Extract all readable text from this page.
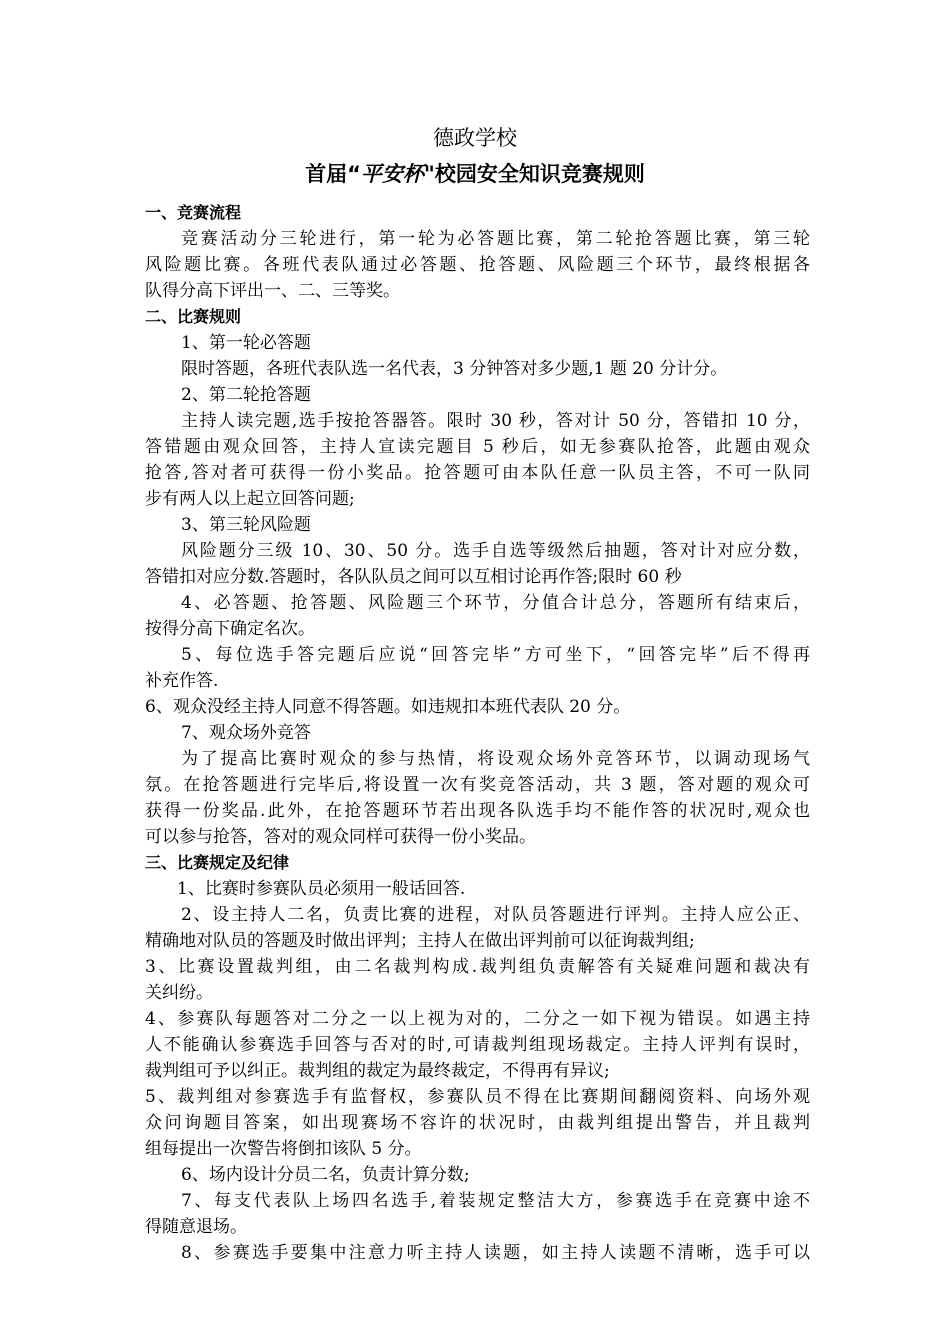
德政学校
首届“平安杯"校园安全知识竞赛规则
一、竞赛流程
竞赛活动分三轮进行，第一轮为必答题比赛，第二轮抢答题比赛，第三轮
风险题比赛。各班代表队通过必答题、抢答题、风险题三个环节，最终根据各
队得分高下评出一、二、三等奖。
二、比赛规则
1、第一轮必答题
限时答题，各班代表队选一名代表，3 分钟答对多少题,1 题 20 分计分。
2、第二轮抢答题
主持人读完题,选手按抢答器答。限时 30 秒，答对计 50 分，答错扣 10 分，
答错题由观众回答，主持人宣读完题目 5 秒后，如无参赛队抢答，此题由观众
抢答,答对者可获得一份小奖品。抢答题可由本队任意一队员主答，不可一队同
步有两人以上起立回答问题;
3、第三轮风险题
风险题分三级 10、30、50 分。选手自选等级然后抽题，答对计对应分数，
答错扣对应分数.答题时，各队队员之间可以互相讨论再作答;限时 60 秒
4、必答题、抢答题、风险题三个环节，分值合计总分，答题所有结束后，
按得分高下确定名次。
5、每位选手答完题后应说“回答完毕”方可坐下，“回答完毕”后不得再
补充作答.
6、观众没经主持人同意不得答题。如违规扣本班代表队 20 分。
7、观众场外竞答
为了提高比赛时观众的参与热情，将设观众场外竞答环节，以调动现场气
氛。在抢答题进行完毕后,将设置一次有奖竞答活动，共 3 题，答对题的观众可
获得一份奖品.此外，在抢答题环节若出现各队选手均不能作答的状况时,观众也
可以参与抢答，答对的观众同样可获得一份小奖品。
三、比赛规定及纪律
1、比赛时参赛队员必须用一般话回答.
2、设主持人二名，负责比赛的进程，对队员答题进行评判。主持人应公正、
精确地对队员的答题及时做出评判；主持人在做出评判前可以征询裁判组;
3、比赛设置裁判组，由二名裁判构成.裁判组负责解答有关疑难问题和裁决有
关纠纷。
4、参赛队每题答对二分之一以上视为对的，二分之一如下视为错误。如遇主持
人不能确认参赛选手回答与否对的时,可请裁判组现场裁定。主持人评判有误时，
裁判组可予以纠正。裁判组的裁定为最终裁定，不得再有异议;
5、裁判组对参赛选手有监督权，参赛队员不得在比赛期间翻阅资料、向场外观
众问询题目答案，如出现赛场不容许的状况时，由裁判组提出警告，并且裁判
组每提出一次警告将倒扣该队 5 分。
6、场内设计分员二名，负责计算分数;
7、每支代表队上场四名选手,着装规定整洁大方，参赛选手在竞赛中途不
得随意退场。
8、参赛选手要集中注意力听主持人读题，如主持人读题不清晰，选手可以
